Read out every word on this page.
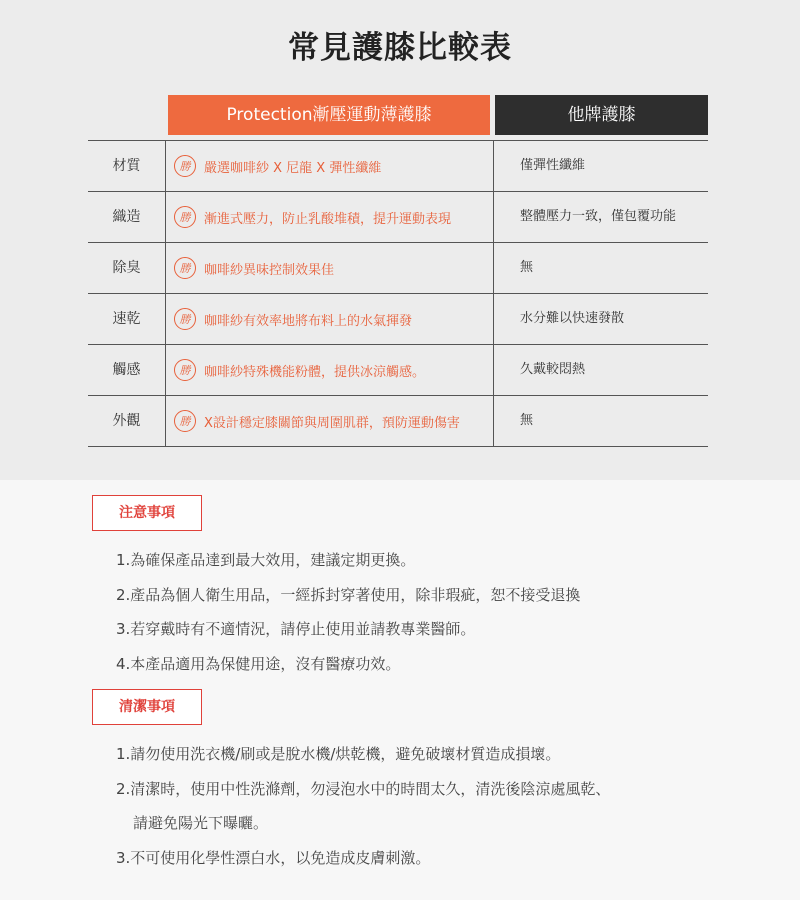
常見護膝比較表
Protection漸壓運動薄護膝	他牌護膝
材質	勝	嚴選咖啡紗 X 尼龍 X 彈性纖維	僅彈性纖維
織造	勝	漸進式壓力，防止乳酸堆積，提升運動表現	整體壓力一致，僅包覆功能
除臭	勝	咖啡紗異味控制效果佳	無
速乾	勝	咖啡紗有效率地將布料上的水氣揮發	水分難以快速發散
觸感	勝	咖啡紗特殊機能粉體，提供冰涼觸感。	久戴較悶熱
外觀	勝	X設計穩定膝關節與周圍肌群，預防運動傷害	無
注意事項
1.為確保產品達到最大效用，建議定期更換。
2.產品為個人衛生用品，一經拆封穿著使用，除非瑕疵，恕不接受退換
3.若穿戴時有不適情況，請停止使用並請教專業醫師。
4.本產品適用為保健用途，沒有醫療功效。
清潔事項
1.請勿使用洗衣機/刷或是脫水機/烘乾機，避免破壞材質造成損壞。
2.清潔時，使用中性洗滌劑，勿浸泡水中的時間太久，清洗後陰涼處風乾、
請避免陽光下曝曬。
3.不可使用化學性漂白水，以免造成皮膚刺激。
